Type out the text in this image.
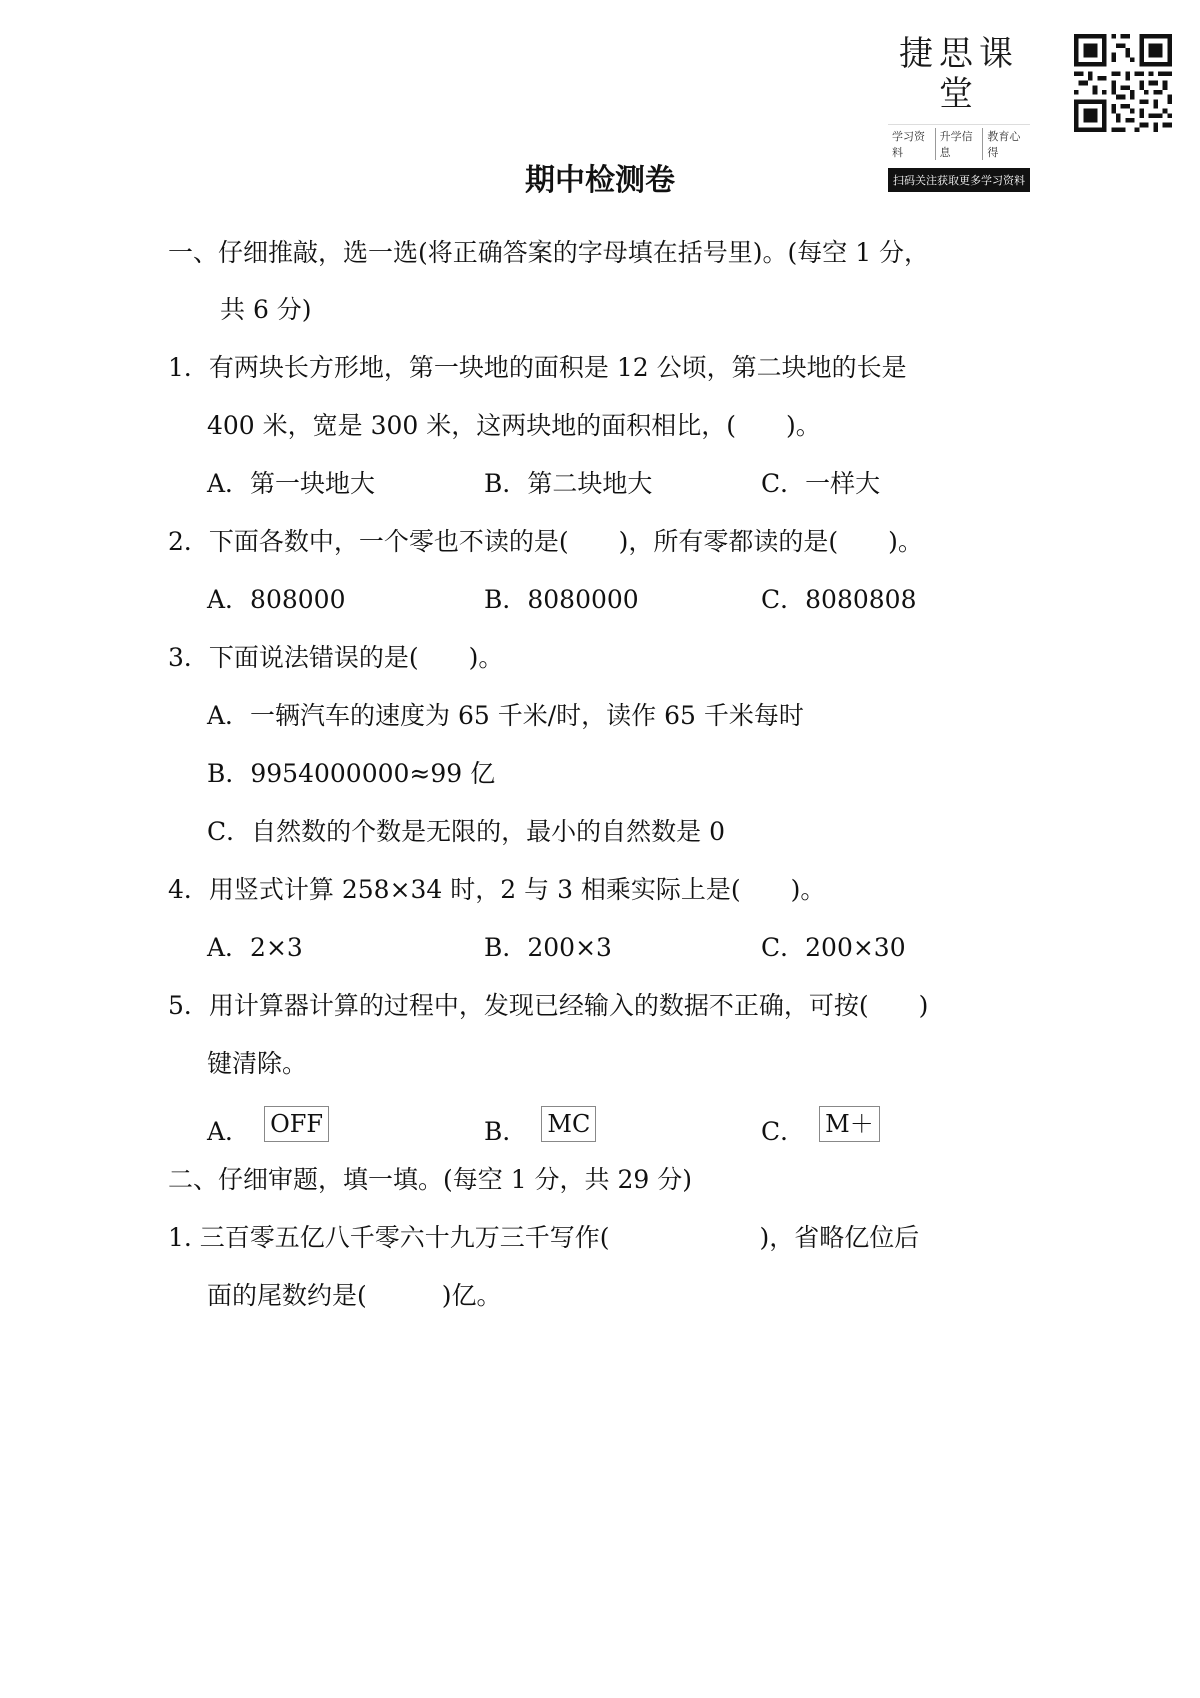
捷思课堂
学习资料
升学信息
教育心得
扫码关注获取更多学习资料
期中检测卷
一、仔细推敲，选一选(将正确答案的字母填在括号里)。(每空 1 分，
共 6 分)
1．有两块长方形地，第一块地的面积是 12 公顷，第二块地的长是
400 米，宽是 300 米，这两块地的面积相比，(　　)。
A．第一块地大	B．第二块地大	C．一样大
2．下面各数中，一个零也不读的是(　　)，所有零都读的是(　　)。
A．808000	B．8080000	C．8080808
3．下面说法错误的是(　　)。
A．一辆汽车的速度为 65 千米/时，读作 65 千米每时
B．9954000000≈99 亿
C．自然数的个数是无限的，最小的自然数是 0
4．用竖式计算 258×34 时，2 与 3 相乘实际上是(　　)。
A．2×3	B．200×3	C．200×30
5．用计算器计算的过程中，发现已经输入的数据不正确，可按(　　)
键清除。
A． OFF	B． MC	C． M＋
二、仔细审题，填一填。(每空 1 分，共 29 分)
1. 三百零五亿八千零六十九万三千写作(　　　　　　)，省略亿位后
面的尾数约是(　　　)亿。
